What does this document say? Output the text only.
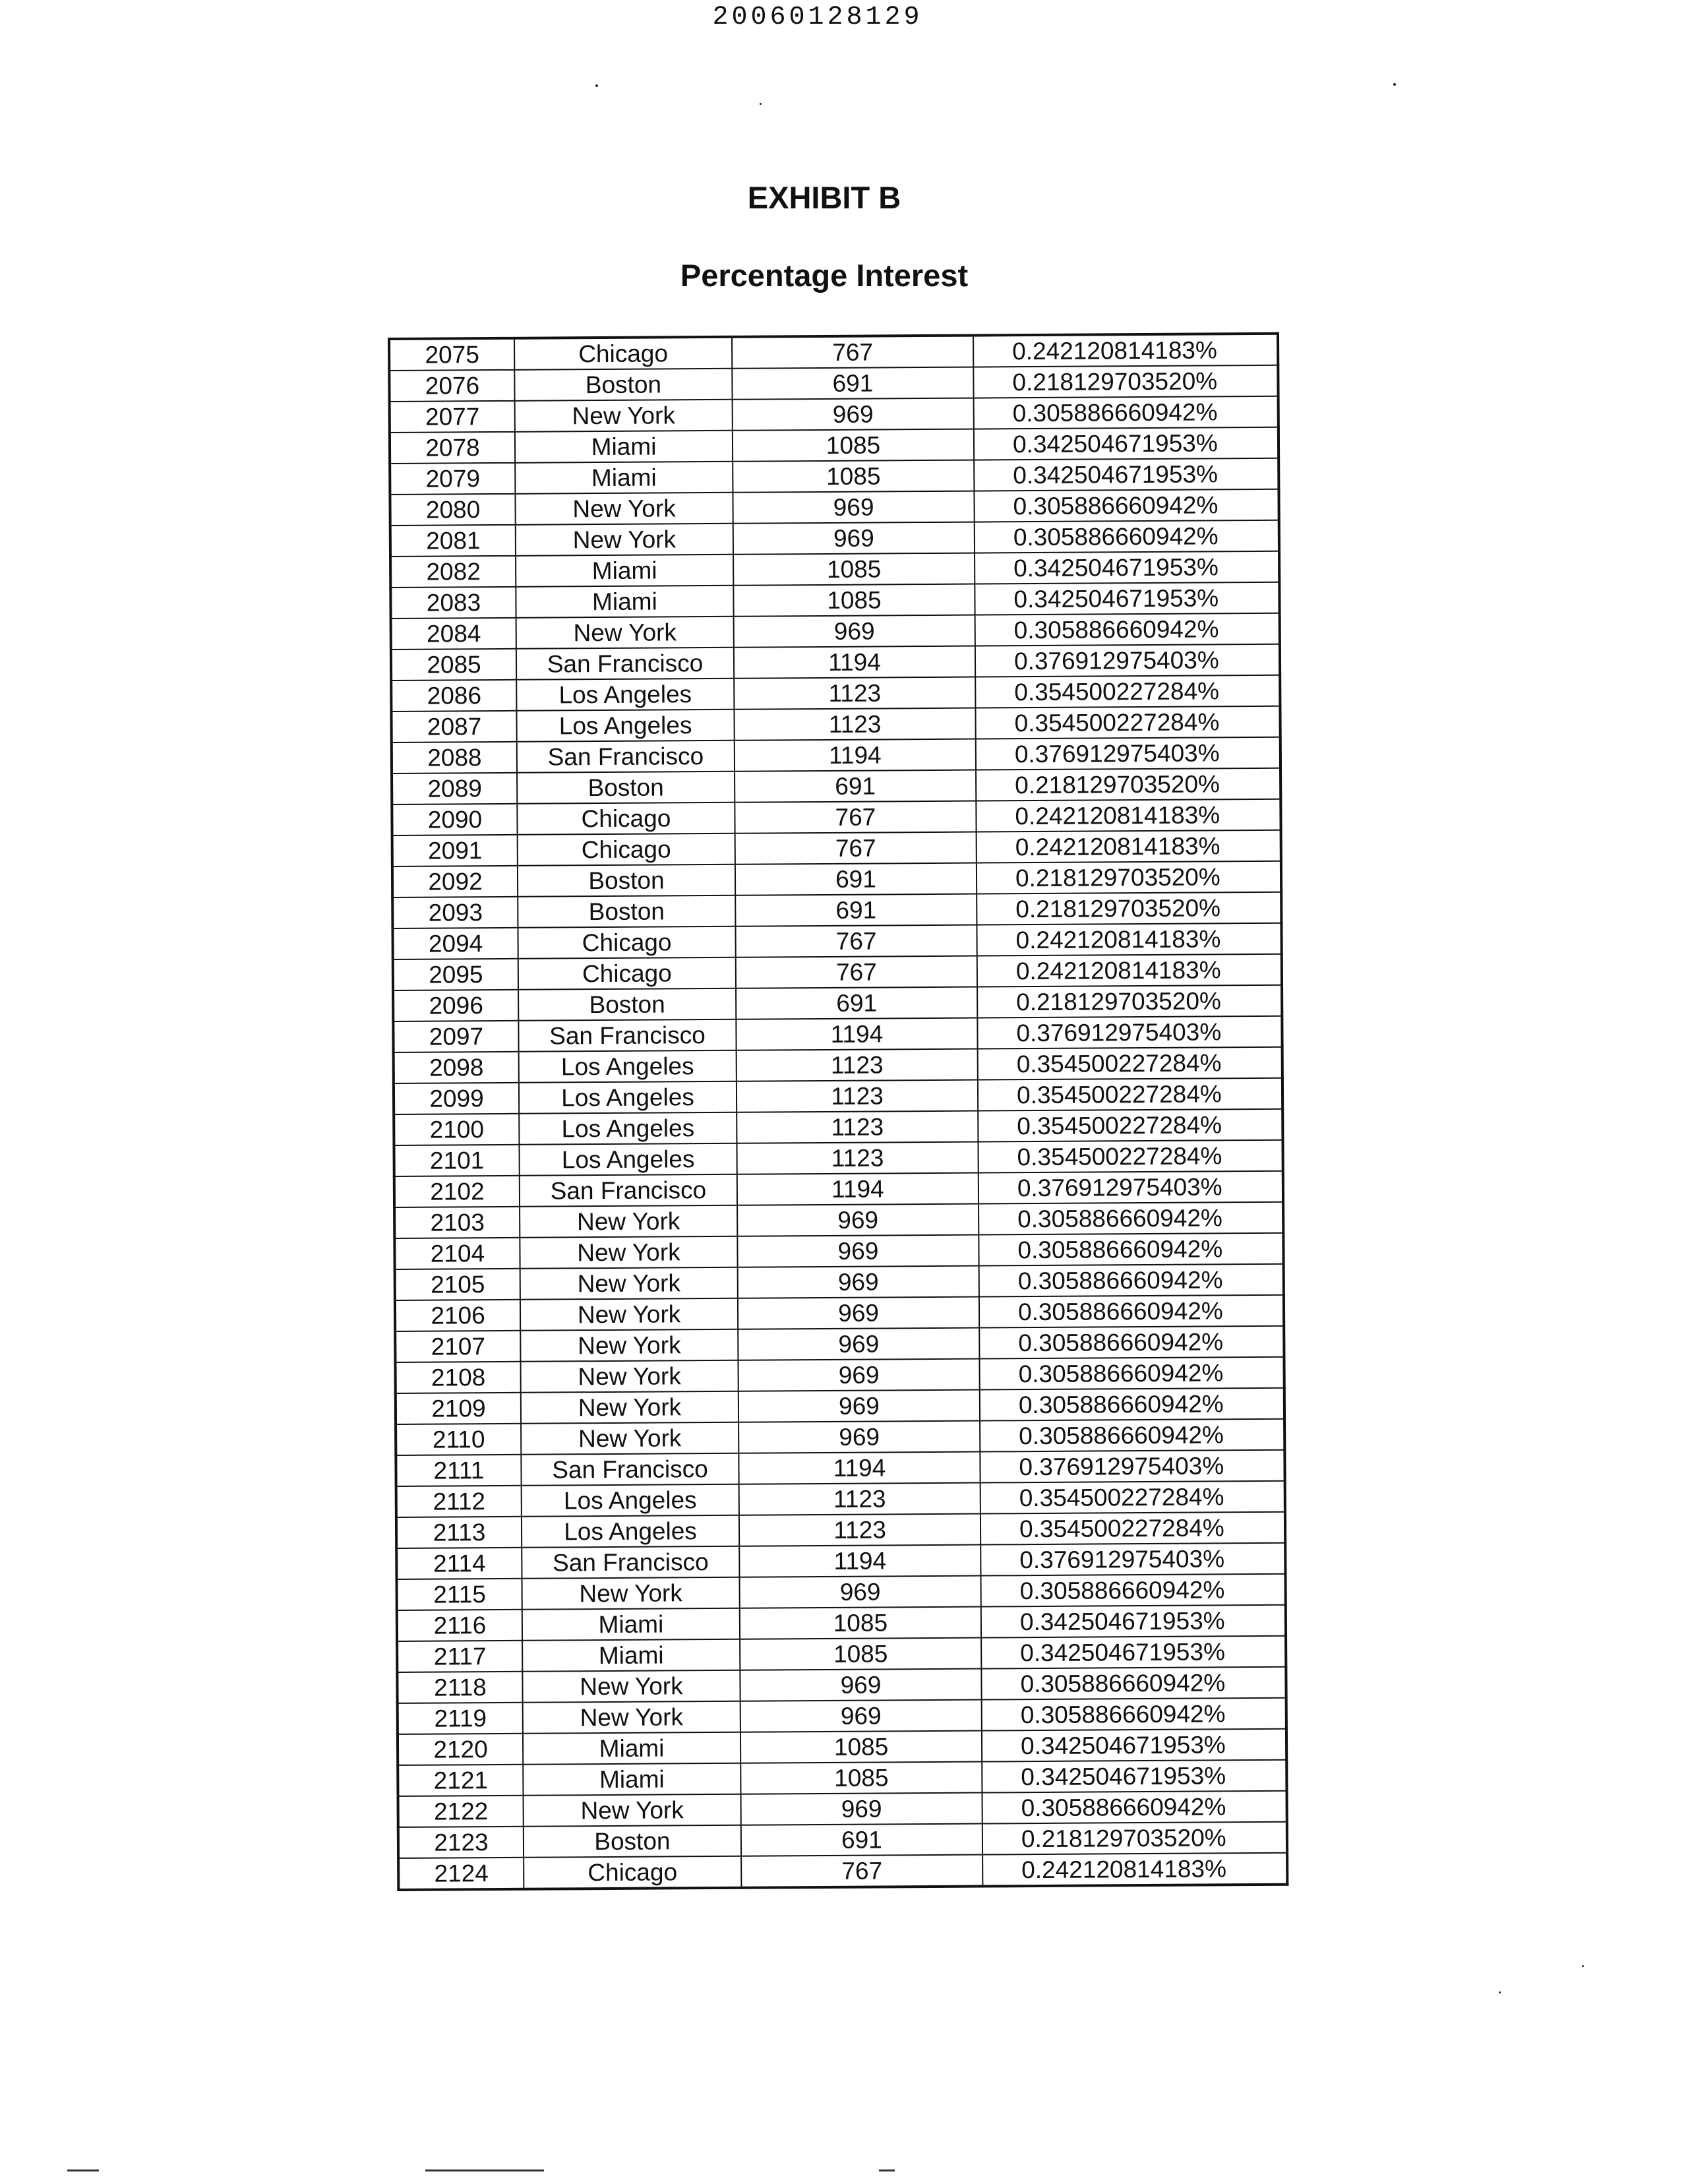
20060128129
EXHIBIT B
Percentage Interest
2075	Chicago	767	0.242120814183%
2076	Boston	691	0.218129703520%
2077	New York	969	0.305886660942%
2078	Miami	1085	0.342504671953%
2079	Miami	1085	0.342504671953%
2080	New York	969	0.305886660942%
2081	New York	969	0.305886660942%
2082	Miami	1085	0.342504671953%
2083	Miami	1085	0.342504671953%
2084	New York	969	0.305886660942%
2085	San Francisco	1194	0.376912975403%
2086	Los Angeles	1123	0.354500227284%
2087	Los Angeles	1123	0.354500227284%
2088	San Francisco	1194	0.376912975403%
2089	Boston	691	0.218129703520%
2090	Chicago	767	0.242120814183%
2091	Chicago	767	0.242120814183%
2092	Boston	691	0.218129703520%
2093	Boston	691	0.218129703520%
2094	Chicago	767	0.242120814183%
2095	Chicago	767	0.242120814183%
2096	Boston	691	0.218129703520%
2097	San Francisco	1194	0.376912975403%
2098	Los Angeles	1123	0.354500227284%
2099	Los Angeles	1123	0.354500227284%
2100	Los Angeles	1123	0.354500227284%
2101	Los Angeles	1123	0.354500227284%
2102	San Francisco	1194	0.376912975403%
2103	New York	969	0.305886660942%
2104	New York	969	0.305886660942%
2105	New York	969	0.305886660942%
2106	New York	969	0.305886660942%
2107	New York	969	0.305886660942%
2108	New York	969	0.305886660942%
2109	New York	969	0.305886660942%
2110	New York	969	0.305886660942%
2111	San Francisco	1194	0.376912975403%
2112	Los Angeles	1123	0.354500227284%
2113	Los Angeles	1123	0.354500227284%
2114	San Francisco	1194	0.376912975403%
2115	New York	969	0.305886660942%
2116	Miami	1085	0.342504671953%
2117	Miami	1085	0.342504671953%
2118	New York	969	0.305886660942%
2119	New York	969	0.305886660942%
2120	Miami	1085	0.342504671953%
2121	Miami	1085	0.342504671953%
2122	New York	969	0.305886660942%
2123	Boston	691	0.218129703520%
2124	Chicago	767	0.242120814183%
